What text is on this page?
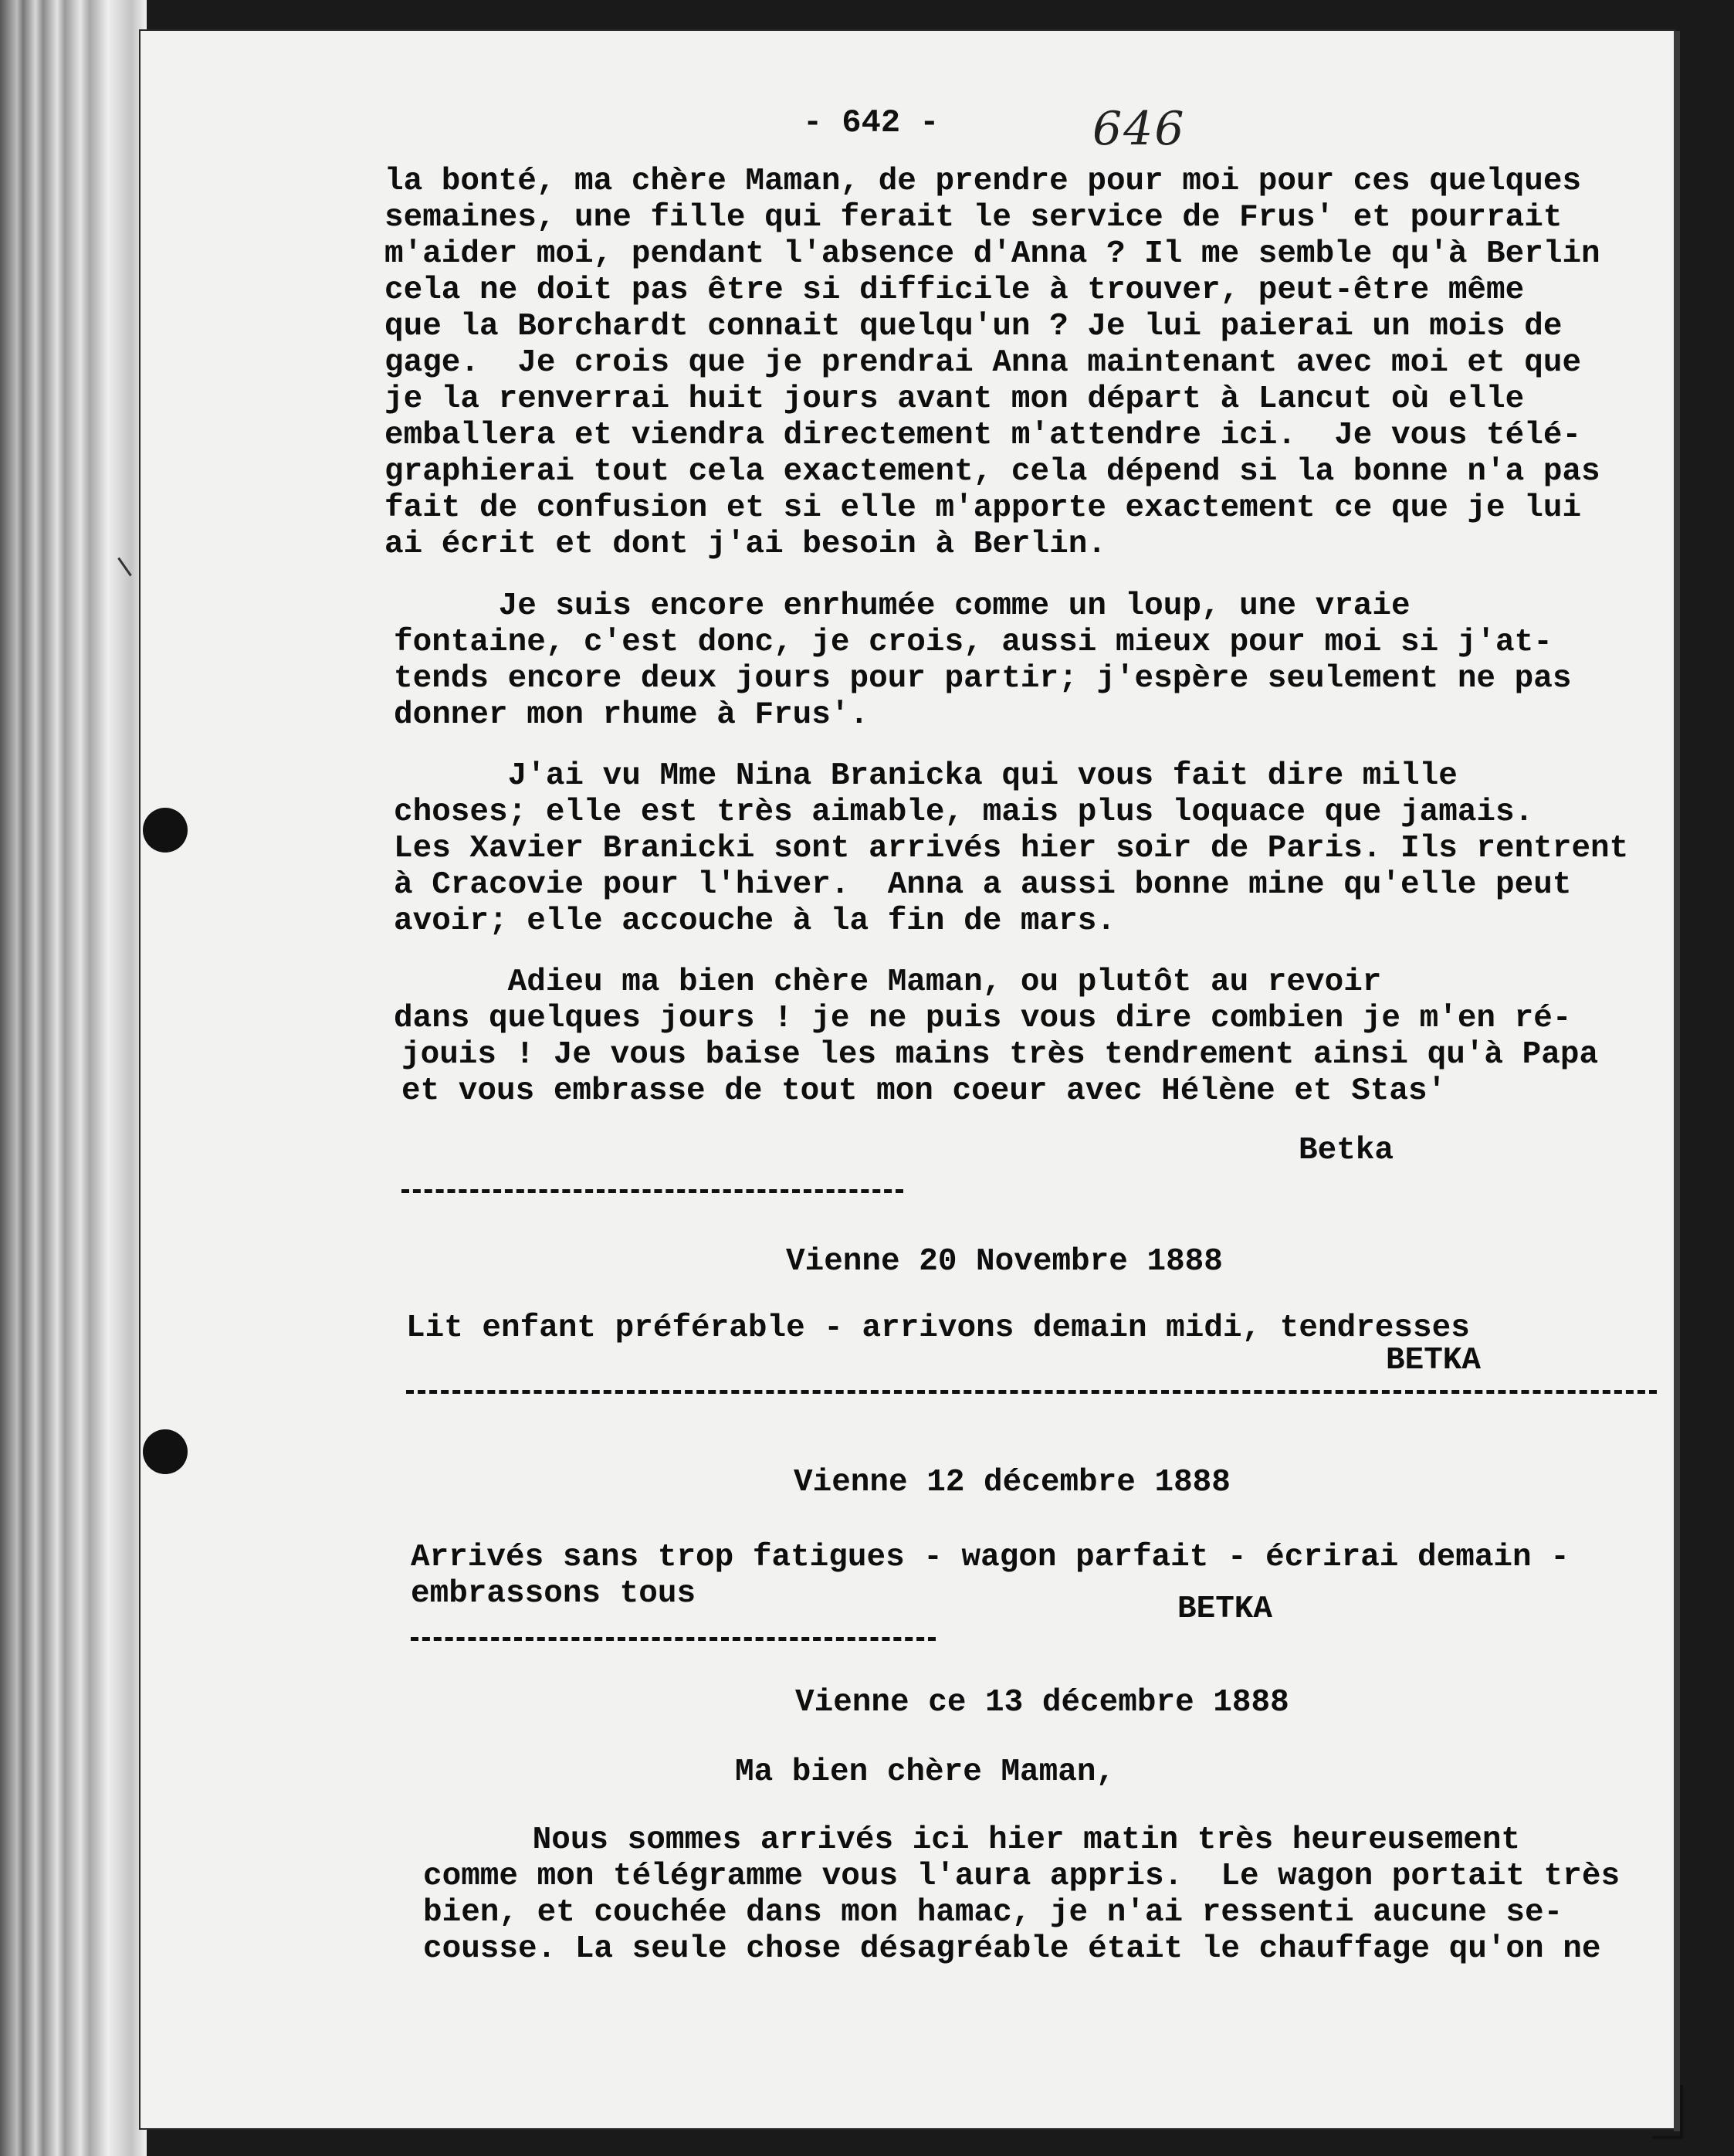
- 642 -	646
la bonté, ma chère Maman, de prendre pour moi pour ces quelques
semaines, une fille qui ferait le service de Frus' et pourrait
m'aider moi, pendant l'absence d'Anna ? Il me semble qu'à Berlin
cela ne doit pas être si difficile à trouver, peut-être même
que la Borchardt connait quelqu'un ? Je lui paierai un mois de
gage.  Je crois que je prendrai Anna maintenant avec moi et que
je la renverrai huit jours avant mon départ à Lancut où elle
emballera et viendra directement m'attendre ici.  Je vous télé-
graphierai tout cela exactement, cela dépend si la bonne n'a pas
fait de confusion et si elle m'apporte exactement ce que je lui
ai écrit et dont j'ai besoin à Berlin.
Je suis encore enrhumée comme un loup, une vraie
fontaine, c'est donc, je crois, aussi mieux pour moi si j'at-
tends encore deux jours pour partir; j'espère seulement ne pas
donner mon rhume à Frus'.
J'ai vu Mme Nina Branicka qui vous fait dire mille
choses; elle est très aimable, mais plus loquace que jamais.
Les Xavier Branicki sont arrivés hier soir de Paris. Ils rentrent
à Cracovie pour l'hiver.  Anna a aussi bonne mine qu'elle peut
avoir; elle accouche à la fin de mars.
Adieu ma bien chère Maman, ou plutôt au revoir
dans quelques jours ! je ne puis vous dire combien je m'en ré-
jouis ! Je vous baise les mains très tendrement ainsi qu'à Papa
et vous embrasse de tout mon coeur avec Hélène et Stas'
Betka
Vienne 20 Novembre 1888
Lit enfant préférable - arrivons demain midi, tendresses
BETKA
Vienne 12 décembre 1888
Arrivés sans trop fatigues - wagon parfait - écrirai demain -
embrassons tous	BETKA
Vienne ce 13 décembre 1888
Ma bien chère Maman,
Nous sommes arrivés ici hier matin très heureusement
comme mon télégramme vous l'aura appris.  Le wagon portait très
bien, et couchée dans mon hamac, je n'ai ressenti aucune se-
cousse. La seule chose désagréable était le chauffage qu'on ne
